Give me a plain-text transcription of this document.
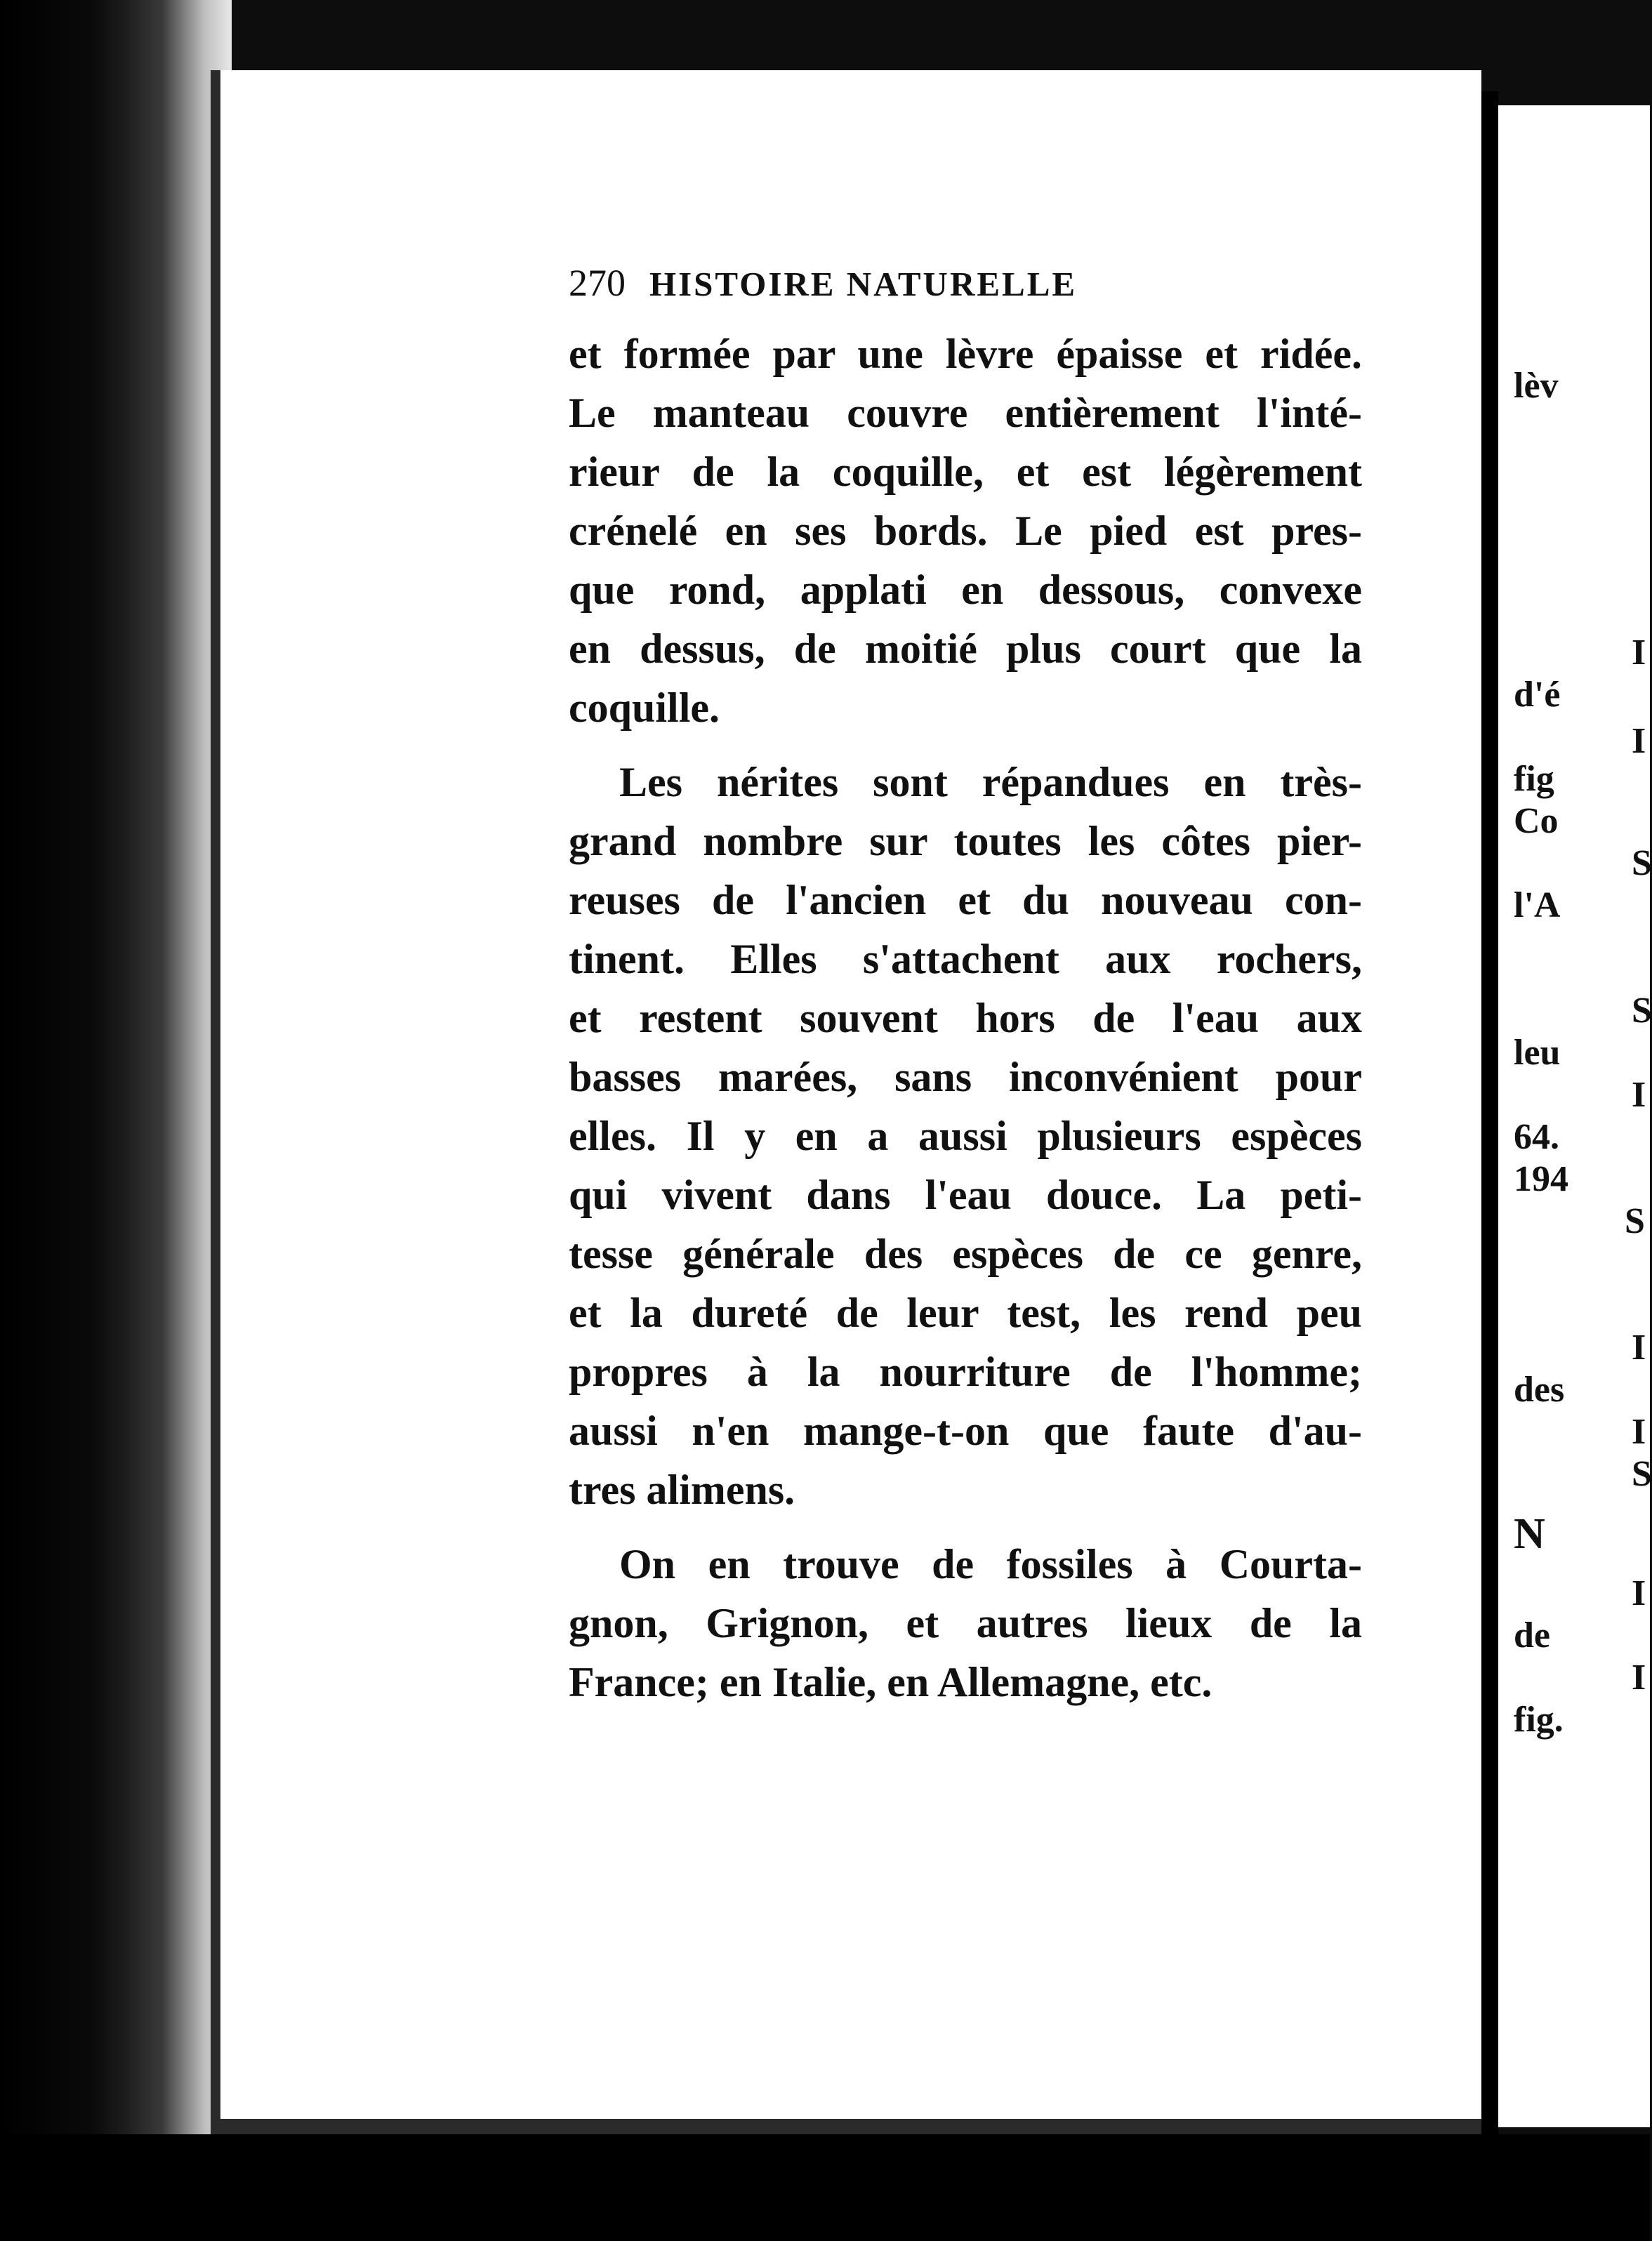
270 HISTOIRE NATURELLE
et formée par une lèvre épaisse et ridée.
Le manteau couvre entièrement l'inté-
rieur de la coquille, et est légèrement
crénelé en ses bords. Le pied est pres-
que rond, applati en dessous, convexe
en dessus, de moitié plus court que la
coquille.
Les nérites sont répandues en très-
grand nombre sur toutes les côtes pier-
reuses de l'ancien et du nouveau con-
tinent. Elles s'attachent aux rochers,
et restent souvent hors de l'eau aux
basses marées, sans inconvénient pour
elles. Il y en a aussi plusieurs espèces
qui vivent dans l'eau douce. La peti-
tesse générale des espèces de ce genre,
et la dureté de leur test, les rend peu
propres à la nourriture de l'homme;
aussi n'en mange-t-on que faute d'au-
tres alimens.
On en trouve de fossiles à Courta-
gnon, Grignon, et autres lieux de la
France; en Italie, en Allemagne, etc.
lèv
I
d'é
I
fig
Co
S
l'A
S
leu
I
64.
194
S
I
des
I
S
N
I
de
I
fig.
